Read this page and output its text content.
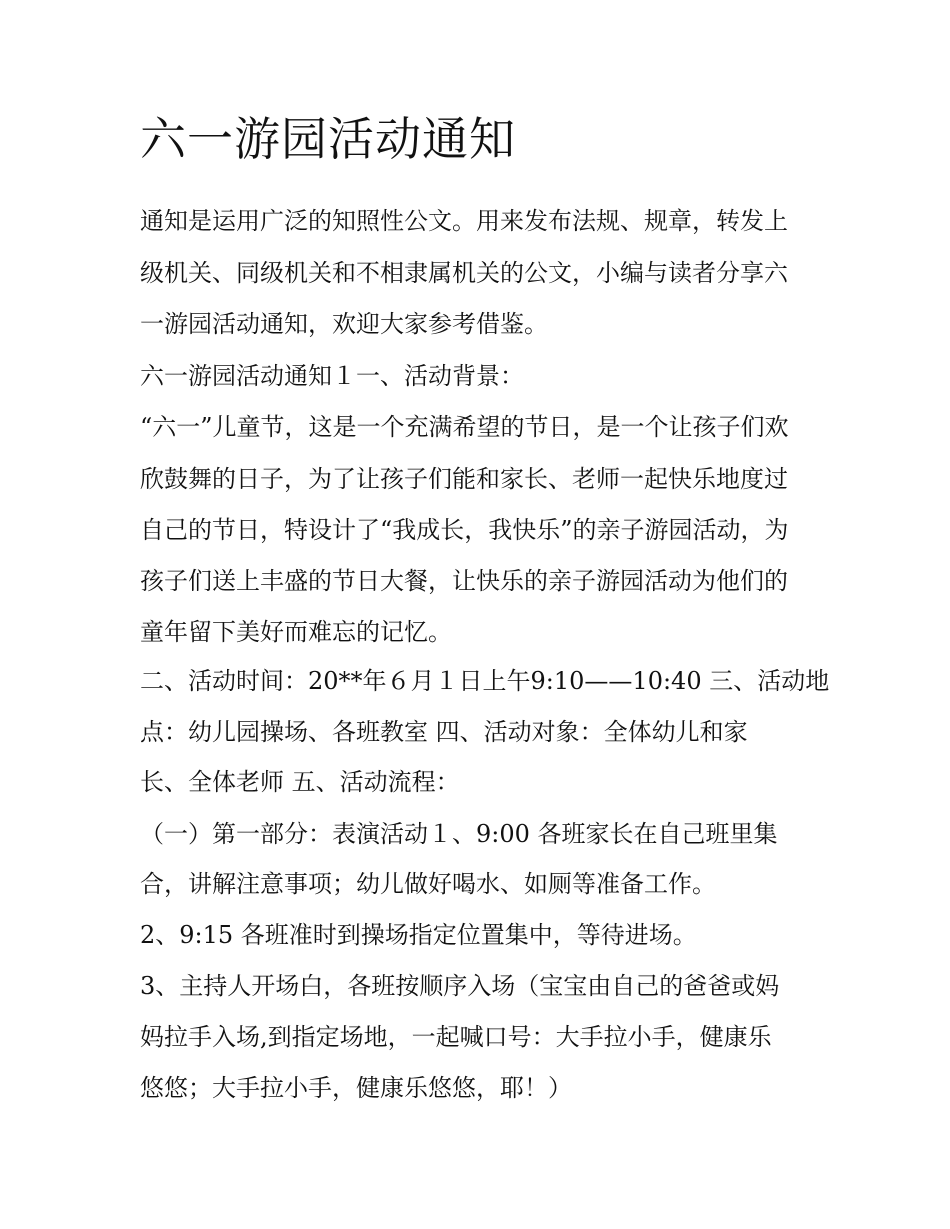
六一游园活动通知

通知是运用广泛的知照性公文。用来发布法规、规章，转发上

级机关、同级机关和不相隶属机关的公文，小编与读者分享六

一游园活动通知，欢迎大家参考借鉴。

六一游园活动通知１一、活动背景：

“六一”儿童节，这是一个充满希望的节日，是一个让孩子们欢

欣鼓舞的日子，为了让孩子们能和家长、老师一起快乐地度过

自己的节日，特设计了“我成长，我快乐”的亲子游园活动，为

孩子们送上丰盛的节日大餐，让快乐的亲子游园活动为他们的

童年留下美好而难忘的记忆。

二、活动时间：20**年６月１日上午9:10——10:40 三、活动地

点：幼儿园操场、各班教室 四、活动对象：全体幼儿和家

长、全体老师 五、活动流程：

（一）第一部分：表演活动１、9:00 各班家长在自己班里集

合，讲解注意事项；幼儿做好喝水、如厕等准备工作。

2、9:15 各班准时到操场指定位置集中，等待进场。

3、主持人开场白，各班按顺序入场（宝宝由自己的爸爸或妈

妈拉手入场,到指定场地，一起喊口号：大手拉小手，健康乐

悠悠；大手拉小手，健康乐悠悠，耶！）
